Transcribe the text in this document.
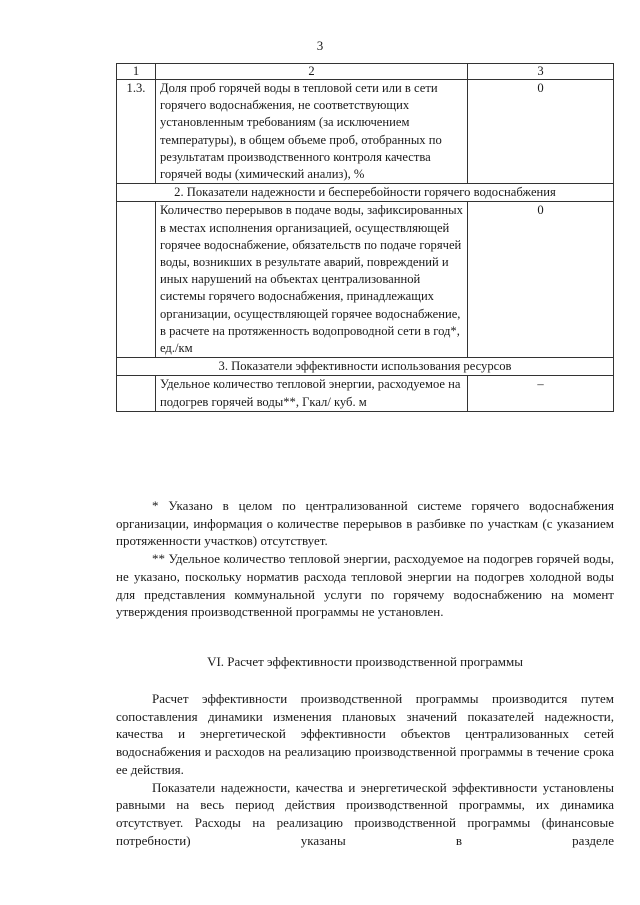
3
1	2	3
1.3.	Доля проб горячей воды в тепловой сети или в сети горячего водоснабжения, не соответствующих установленным требованиям (за исключением температуры), в общем объеме проб, отобранных по результатам производственного контроля качества горячей воды (химический анализ), %	0
2. Показатели надежности и бесперебойности горячего водоснабжения		
	Количество перерывов в подаче воды, зафиксированных в местах исполнения организацией, осуществляющей горячее водоснабжение, обязательств по подаче горячей воды, возникших в результате аварий, повреждений и иных нарушений на объектах централизованной системы горячего водоснабжения, принадлежащих организации, осуществляющей горячее водоснабжение, в расчете на протяженность водопроводной сети в год*, ед./км	0
3. Показатели эффективности использования ресурсов		
	Удельное количество тепловой энергии, расходуемое на подогрев горячей воды**, Гкал/ куб. м	–

* Указано в целом по централизованной системе горячего водоснабжения организации, информация о количестве перерывов в разбивке по участкам (с указанием протяженности участков) отсутствует.

** Удельное количество тепловой энергии, расходуемое на подогрев горячей воды, не указано, поскольку норматив расхода тепловой энергии на подогрев холодной воды для представления коммунальной услуги по горячему водоснабжению на момент утверждения производственной программы не установлен.

VI. Расчет эффективности производственной программы

Расчет эффективности производственной программы производится путем сопоставления динамики изменения плановых значений показателей надежности, качества и энергетической эффективности объектов централизованных сетей водоснабжения и расходов на реализацию производственной программы в течение срока ее действия.

Показатели надежности, качества и энергетической эффективности установлены равными на весь период действия производственной программы, их динамика отсутствует. Расходы на реализацию производственной программы (финансовые потребности) указаны в разделе
